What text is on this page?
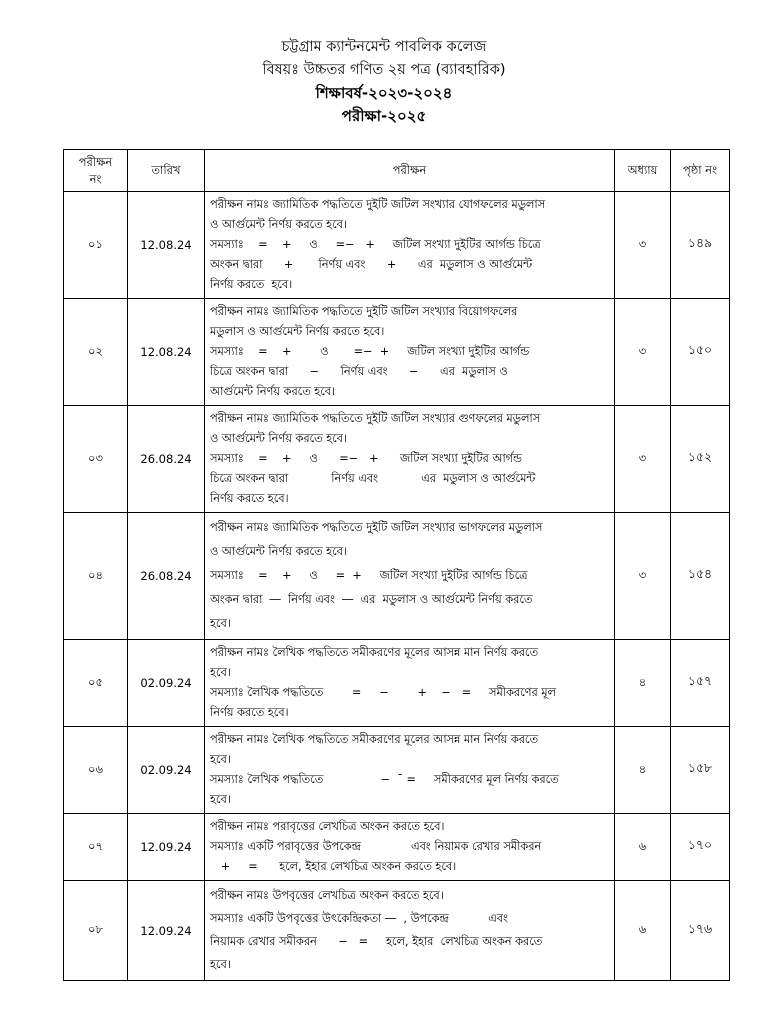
চট্টগ্রাম ক্যান্টনমেন্ট পাবলিক কলেজ
বিষয়ঃ উচ্চতর গণিত ২য় পত্র (ব্যাবহারিক)
শিক্ষাবর্ষ-২০২৩-২০২৪
পরীক্ষা-২০২৫
পরীক্ষন
নং	তারিখ	পরীক্ষন	অধ্যায়	পৃষ্ঠা নং
০১	12.08.24	পরীক্ষন নামঃ জ্যামিতিক পদ্ধতিতে দুইটি জটিল সংখ্যার যোগফলের মডুলাস
ও আর্গুমেন্ট নির্ণয় করতে হবে।
সমস্যাঃ    =    +     ও     =−   +     জটিল সংখ্যা দুইটির আর্গন্ড চিত্রে
অংকন দ্বারা      +       নির্ণয় এবং      +      এর  মডুলাস ও আর্গুমেন্ট
নির্ণয় করতে  হবে।	৩	১৪৯
০২	12.08.24	পরীক্ষন নামঃ জ্যামিতিক পদ্ধতিতে দুইটি জটিল সংখ্যার বিয়োগফলের
মডুলাস ও আর্গুমেন্ট নির্ণয় করতে হবে।
সমস্যাঃ    =    +        ও       =−  +     জটিল সংখ্যা দুইটির আর্গন্ড
চিত্রে অংকন দ্বারা      −      নির্ণয় এবং      −      এর  মডুলাস ও
আর্গুমেন্ট নির্ণয় করতে হবে।	৩	১৫০
০৩	26.08.24	পরীক্ষন নামঃ জ্যামিতিক পদ্ধতিতে দুইটি জটিল সংখ্যার গুণফলের মডুলাস
ও আর্গুমেন্ট নির্ণয় করতে হবে।
সমস্যাঃ    =    +     ও      =−   +      জটিল সংখ্যা দুইটির আর্গন্ড
চিত্রে অংকন দ্বারা            নির্ণয় এবং            এর  মডুলাস ও আর্গুমেন্ট
নির্ণয় করতে হবে।	৩	১৫২
০৪	26.08.24	পরীক্ষন নামঃ জ্যামিতিক পদ্ধতিতে দুইটি জটিল সংখ্যার ভাগফলের মডুলাস
ও আর্গুমেন্ট নির্ণয় করতে হবে।
সমস্যাঃ    =    +     ও     =  +     জটিল সংখ্যা দুইটির আর্গন্ড চিত্রে
অংকন দ্বারা  ―  নির্ণয় এবং  ―  এর  মডুলাস ও আর্গুমেন্ট নির্ণয় করতে
হবে।	৩	১৫৪
০৫	02.09.24	পরীক্ষন নামঃ লৈখিক পদ্ধতিতে সমীকরণের মূলের আসন্ন মান নির্ণয় করতে
হবে।
সমস্যাঃ লৈখিক পদ্ধতিতে        =     −        +    −   =     সমীকরণের মূল
নির্ণয় করতে হবে।	৪	১৫৭
০৬	02.09.24	পরীক্ষন নামঃ লৈখিক পদ্ধতিতে সমীকরণের মূলের আসন্ন মান নির্ণয় করতে
হবে।
সমস্যাঃ লৈখিক পদ্ধতিতে                −  ¯ =     সমীকরণের মূল নির্ণয় করতে
হবে।	৪	১৫৮
০৭	12.09.24	পরীক্ষন নামঃ পরাবৃত্তের লেখচিত্র অংকন করতে হবে।
সমস্যাঃ একটি পরাবৃত্তের উপকেন্দ্র              এবং নিয়ামক রেখার সমীকরন
+     =      হলে, ইহার লেখচিত্র অংকন করতে হবে।	৬	১৭০
০৮	12.09.24	পরীক্ষন নামঃ উপবৃত্তের লেখচিত্র অংকন করতে হবে।
সমস্যাঃ একটি উপবৃত্তের উৎকেন্দ্রিকতা ―  , উপকেন্দ্র           এবং
নিয়ামক রেখার সমীকরন      −   =     হলে, ইহার  লেখচিত্র অংকন করতে
হবে।	৬	১৭৬
